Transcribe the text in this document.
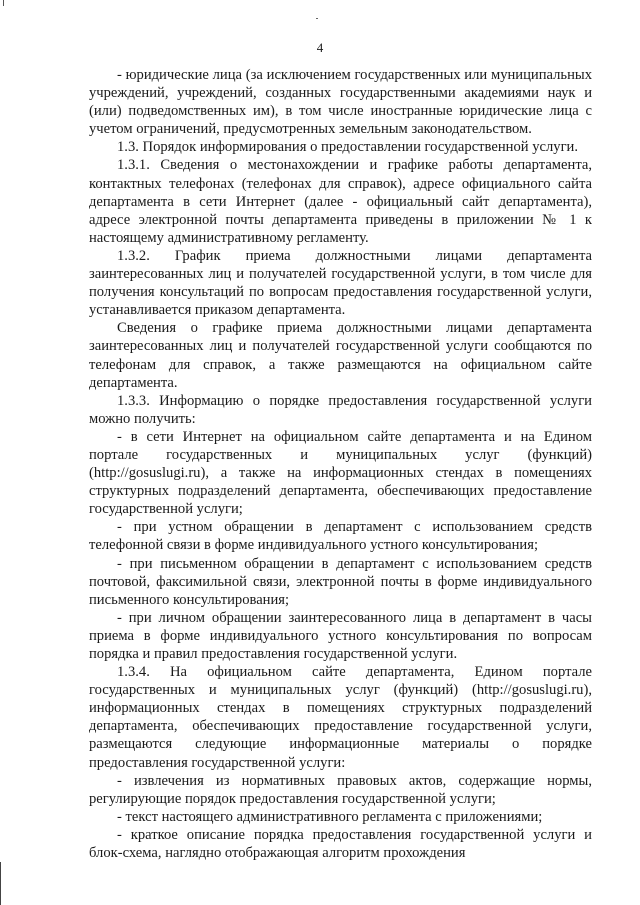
4

- юридические лица (за исключением государственных или муниципальных учреждений, учреждений, созданных государственными академиями наук и (или) подведомственных им), в том числе иностранные юридические лица с учетом ограничений, предусмотренных земельным законодательством.

1.3. Порядок информирования о предоставлении государственной услуги.

1.3.1. Сведения о местонахождении и графике работы департамента, контактных телефонах (телефонах для справок), адресе официального сайта департамента в сети Интернет (далее - официальный сайт департамента), адресе электронной почты департамента приведены в приложении № 1 к настоящему административному регламенту.

1.3.2. График приема должностными лицами департамента заинтересованных лиц и получателей государственной услуги, в том числе для получения консультаций по вопросам предоставления государственной услуги, устанавливается приказом департамента.

Сведения о графике приема должностными лицами департамента заинтересованных лиц и получателей государственной услуги сообщаются по телефонам для справок, а также размещаются на официальном сайте департамента.

1.3.3. Информацию о порядке предоставления государственной услуги можно получить:

- в сети Интернет на официальном сайте департамента и на Едином портале государственных и муниципальных услуг (функций) (http://gosuslugi.ru), а также на информационных стендах в помещениях структурных подразделений департамента, обеспечивающих предоставление государственной услуги;

- при устном обращении в департамент с использованием средств телефонной связи в форме индивидуального устного консультирования;

- при письменном обращении в департамент с использованием средств почтовой, факсимильной связи, электронной почты в форме индивидуального письменного консультирования;

- при личном обращении заинтересованного лица в департамент в часы приема в форме индивидуального устного консультирования по вопросам порядка и правил предоставления государственной услуги.

1.3.4. На официальном сайте департамента, Едином портале государственных и муниципальных услуг (функций) (http://gosuslugi.ru), информационных стендах в помещениях структурных подразделений департамента, обеспечивающих предоставление государственной услуги, размещаются следующие информационные материалы о порядке предоставления государственной услуги:

- извлечения из нормативных правовых актов, содержащие нормы, регулирующие порядок предоставления государственной услуги;

- текст настоящего административного регламента с приложениями;

- краткое описание порядка предоставления государственной услуги и блок-схема, наглядно отображающая алгоритм прохождения
